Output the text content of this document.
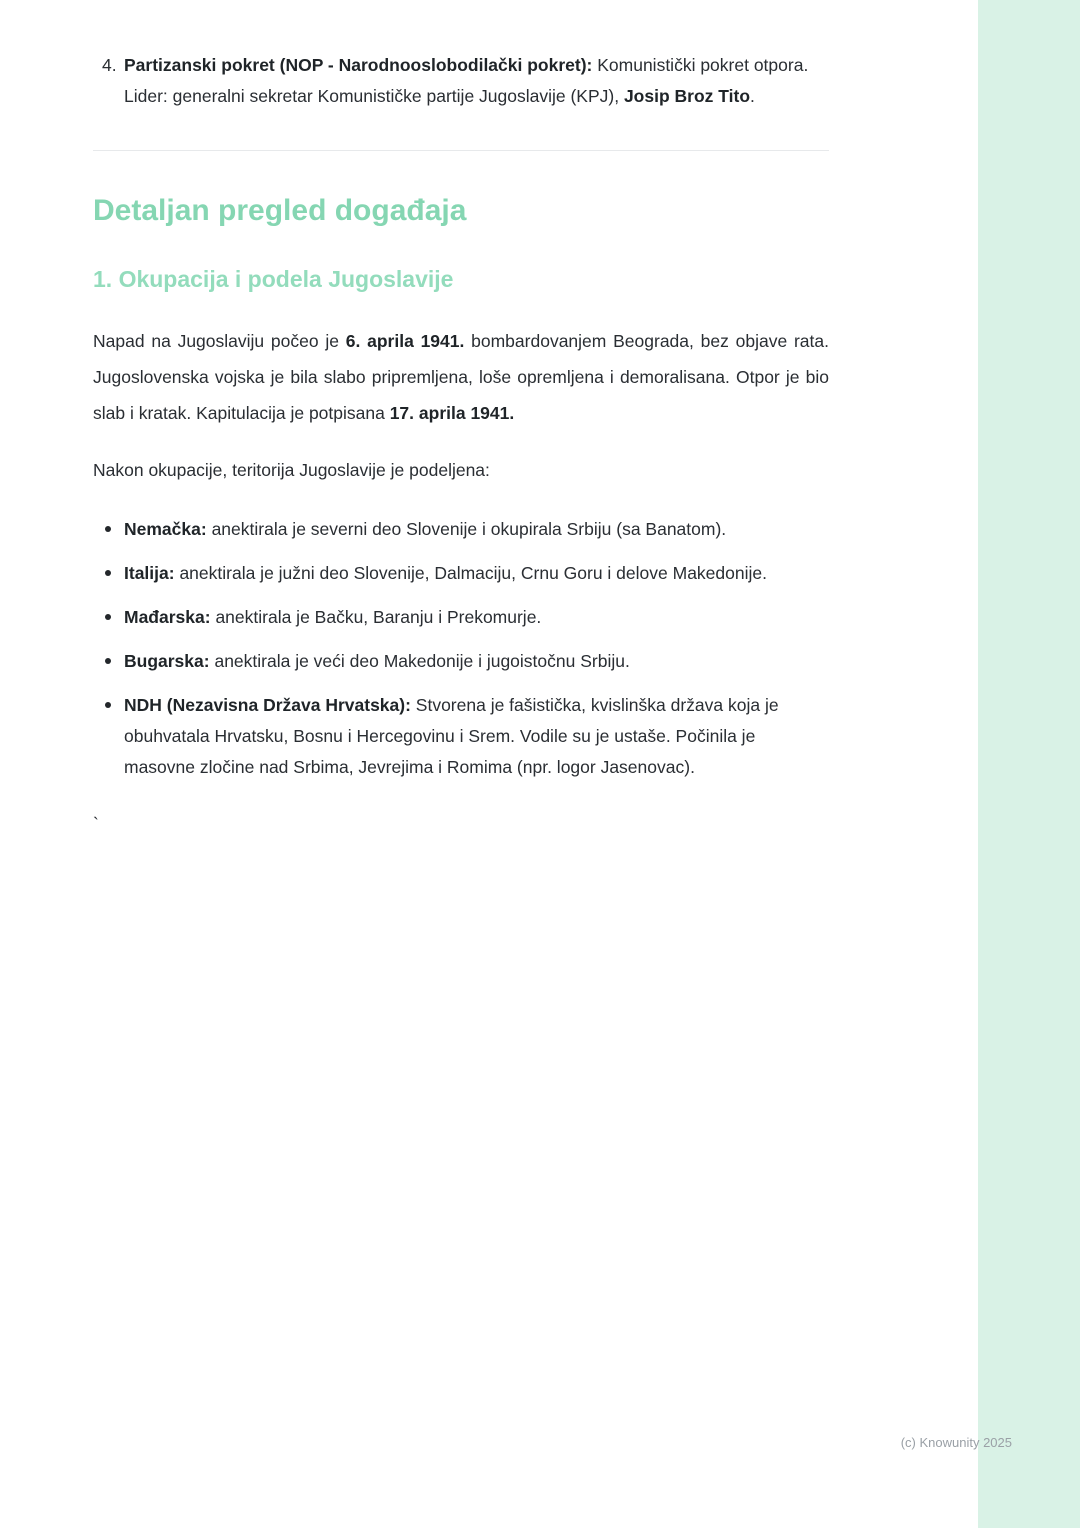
4. Partizanski pokret (NOP - Narodnooslobodilački pokret): Komunistički pokret otpora. Lider: generalni sekretar Komunističke partije Jugoslavije (KPJ), Josip Broz Tito.
Detaljan pregled događaja
1. Okupacija i podela Jugoslavije

Napad na Jugoslaviju počeo je 6. aprila 1941. bombardovanjem Beograda, bez objave rata. Jugoslovenska vojska je bila slabo pripremljena, loše opremljena i demoralisana. Otpor je bio slab i kratak. Kapitulacija je potpisana 17. aprila 1941.

Nakon okupacije, teritorija Jugoslavije je podeljena:

Nemačka: anektirala je severni deo Slovenije i okupirala Srbiju (sa Banatom).
Italija: anektirala je južni deo Slovenije, Dalmaciju, Crnu Goru i delove Makedonije.
Mađarska: anektirala je Bačku, Baranju i Prekomurje.
Bugarska: anektirala je veći deo Makedonije i jugoistočnu Srbiju.
NDH (Nezavisna Država Hrvatska): Stvorena je fašistička, kvislinška država koja je obuhvatala Hrvatsku, Bosnu i Hercegovinu i Srem. Vodile su je ustaše. Počinila je masovne zločine nad Srbima, Jevrejima i Romima (npr. logor Jasenovac).
`
(c) Knowunity 2025
